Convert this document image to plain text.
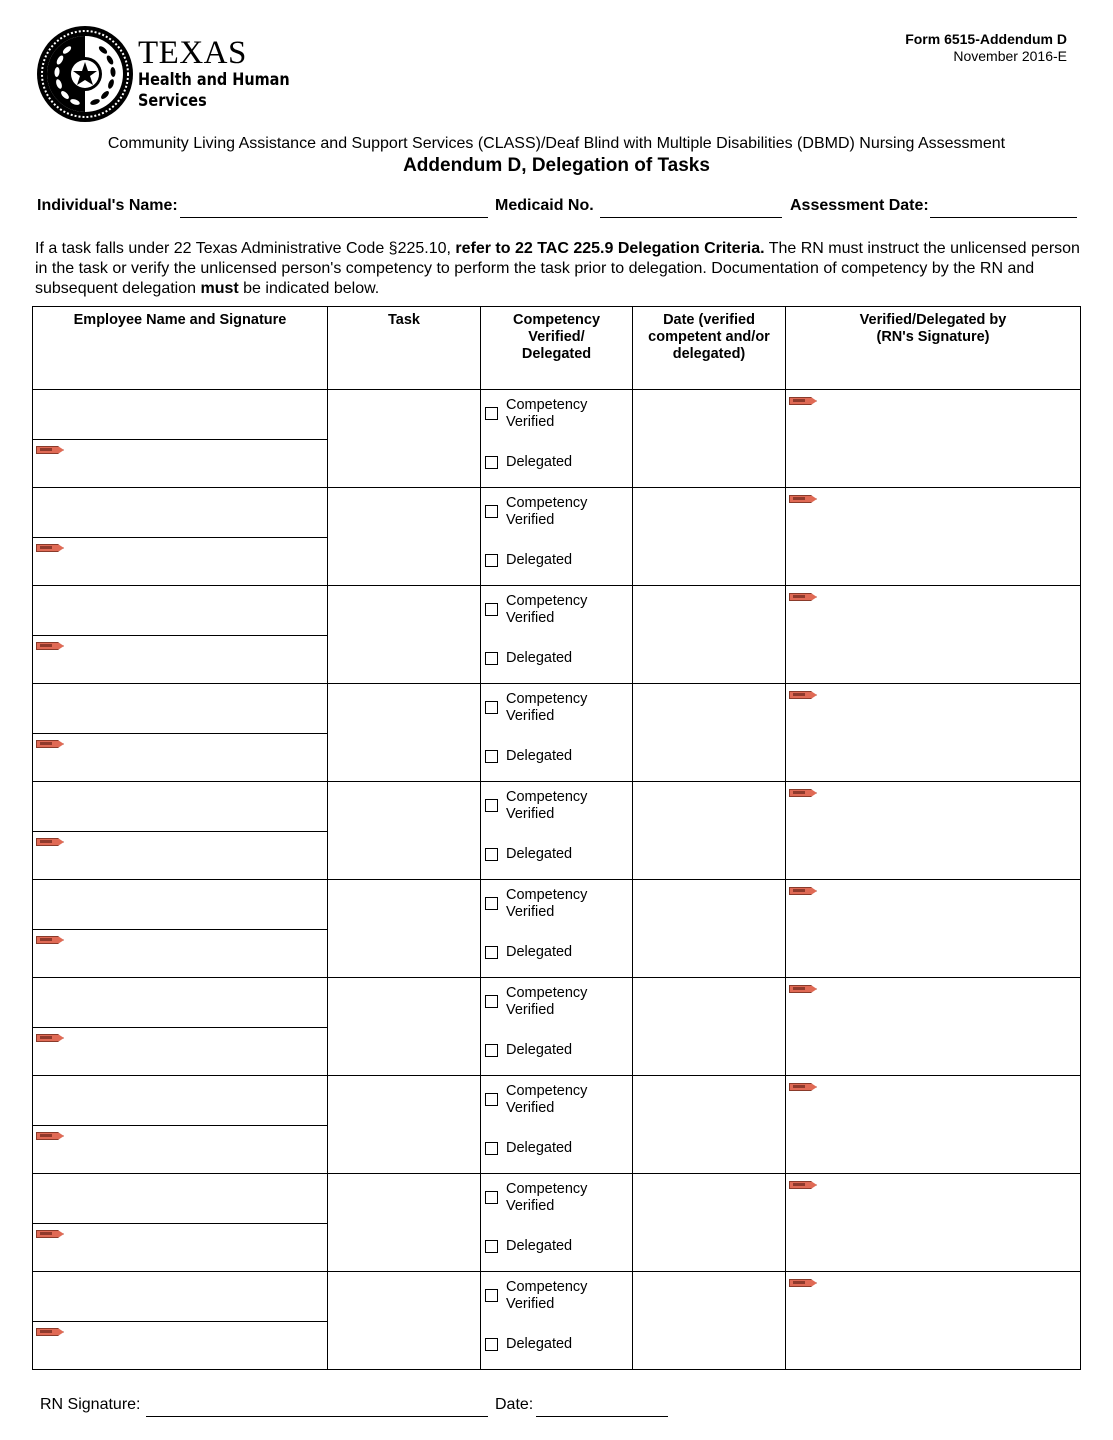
TEXAS
Health and Human
Services
Form 6515-Addendum D
November 2016-E
Community Living Assistance and Support Services (CLASS)/Deaf Blind with Multiple Disabilities (DBMD) Nursing Assessment
Addendum D, Delegation of Tasks
Individual's Name:	Medicaid No.	Assessment Date:
If a task falls under 22 Texas Administrative Code §225.10, refer to 22 TAC 225.9 Delegation Criteria. The RN must instruct the unlicensed person in the task or verify the unlicensed person's competency to perform the task prior to delegation. Documentation of competency by the RN and subsequent delegation must be indicated below.
Employee Name and Signature	Task	Competency Verified/ Delegated	Date (verified competent and/or delegated)	Verified/Delegated by (RN's Signature)

		Competency
Verified
Delegated		

		Competency
Verified
Delegated		

		Competency
Verified
Delegated		

		Competency
Verified
Delegated		

		Competency
Verified
Delegated		

		Competency
Verified
Delegated		

		Competency
Verified
Delegated		

		Competency
Verified
Delegated		

		Competency
Verified
Delegated		

		Competency
Verified
Delegated		

RN Signature:	Date:
